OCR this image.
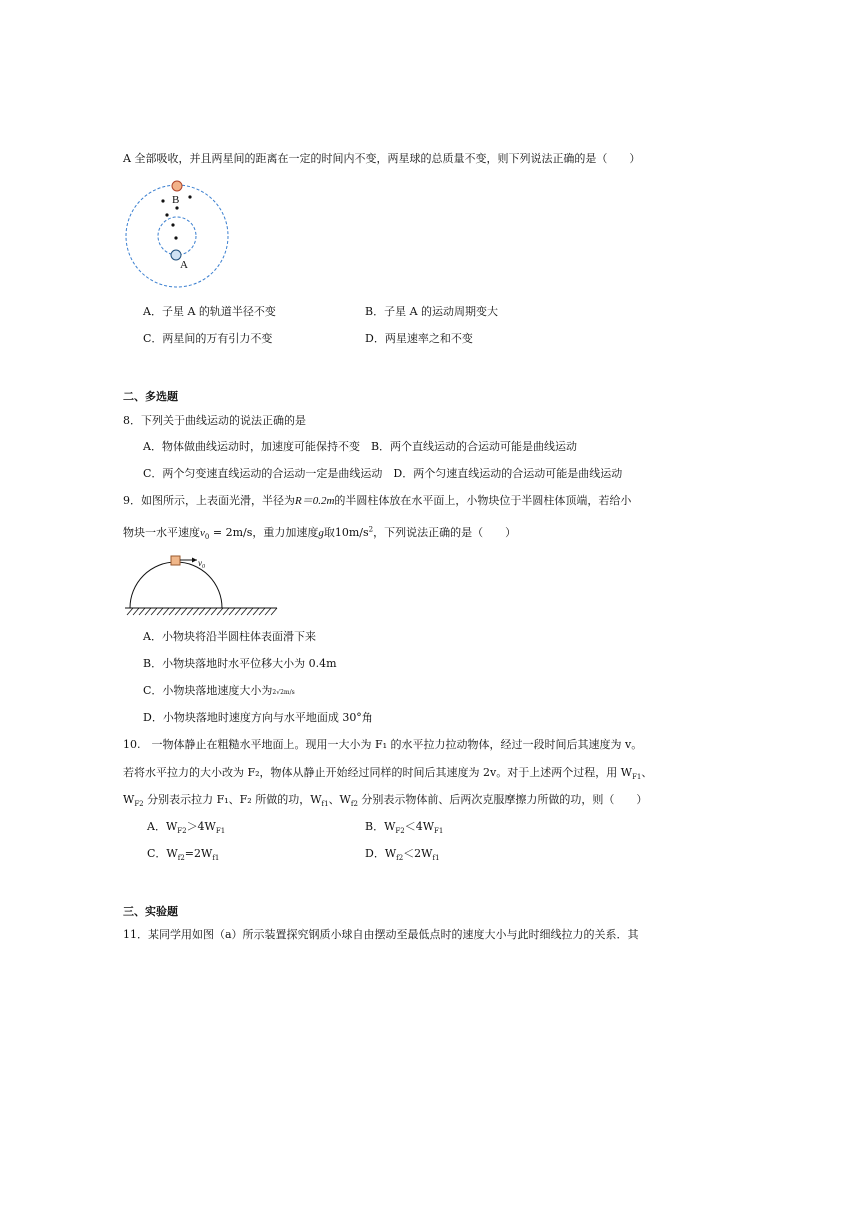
A 全部吸收，并且两星间的距离在一定的时间内不变，两星球的总质量不变，则下列说法正确的是（　　）
B
A
A．子星 A 的轨道半径不变	B．子星 A 的运动周期变大
C．两星间的万有引力不变	D．两星速率之和不变
二、多选题
8．下列关于曲线运动的说法正确的是
A．物体做曲线运动时，加速度可能保持不变　B．两个直线运动的合运动可能是曲线运动
C．两个匀变速直线运动的合运动一定是曲线运动　D．两个匀速直线运动的合运动可能是曲线运动
9．如图所示，上表面光滑，半径为R＝0.2m的半圆柱体放在水平面上，小物块位于半圆柱体顶端，若给小
物块一水平速度$v_0 = 2m/s$，重力加速度g取$10m/s^2$，下列说法正确的是（　　）
$v_0$
A．小物块将沿半圆柱体表面滑下来
B．小物块落地时水平位移大小为 0.4m
C．小物块落地速度大小为2√2m/s
D．小物块落地时速度方向与水平地面成 30°角
10.　一物体静止在粗糙水平地面上。现用一大小为 F₁ 的水平拉力拉动物体，经过一段时间后其速度为 v。
若将水平拉力的大小改为 F₂，物体从静止开始经过同样的时间后其速度为 2v。对于上述两个过程，用 $W_{F1}$、
$W_{F2}$ 分别表示拉力 F₁、F₂ 所做的功，$W_{f1}$、$W_{f2}$ 分别表示物体前、后两次克服摩擦力所做的功，则（　　）
A．$W_{F2}>4W_{F1}$	B．$W_{F2}<4W_{F1}$
C．$W_{f2}=2W_{f1}$	D．$W_{f2}<2W_{f1}$
三、实验题
11．某同学用如图（a）所示装置探究钢质小球自由摆动至最低点时的速度大小与此时细线拉力的关系．其
